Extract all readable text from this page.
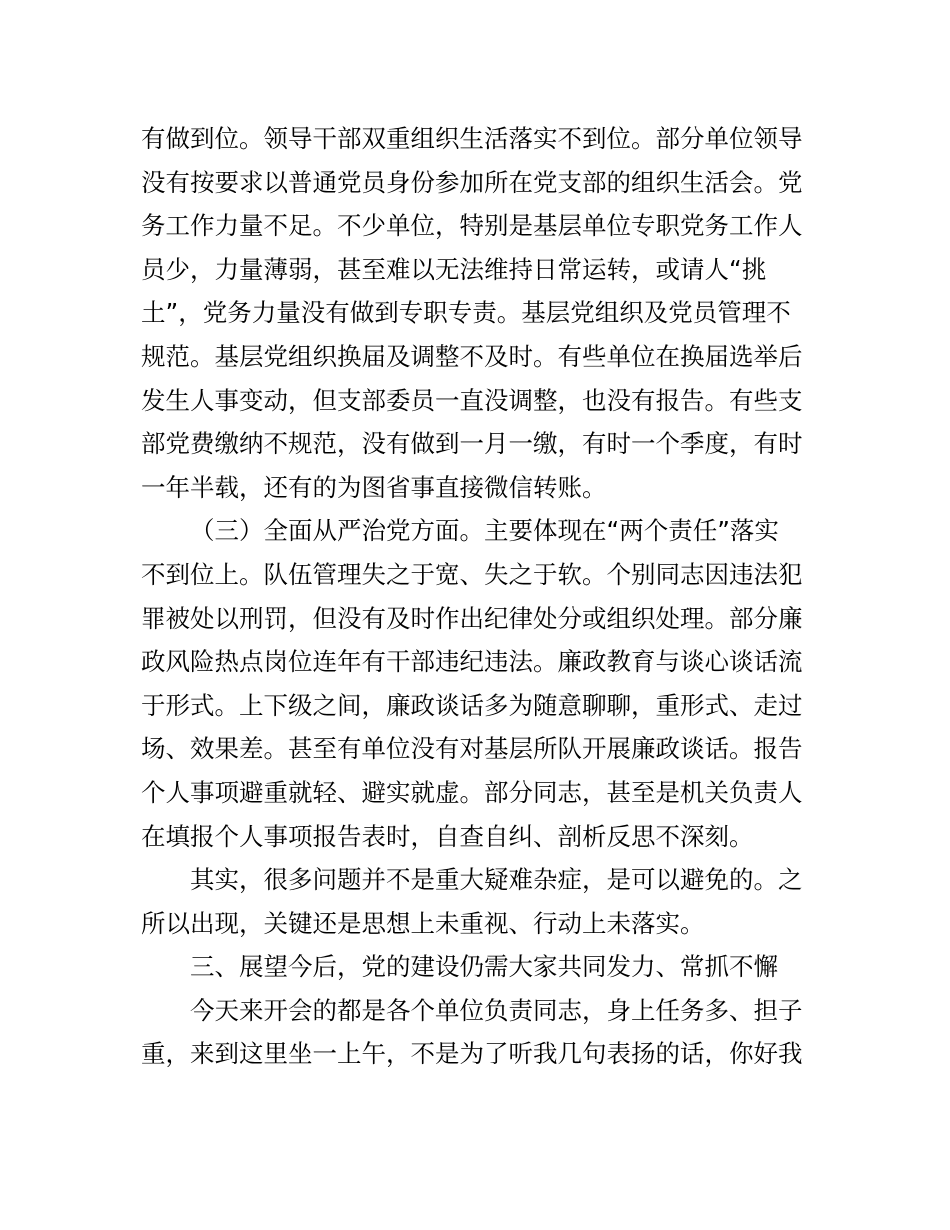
有做到位。领导干部双重组织生活落实不到位。部分单位领导
没有按要求以普通党员身份参加所在党支部的组织生活会。党
务工作力量不足。不少单位，特别是基层单位专职党务工作人
员少，力量薄弱，甚至难以无法维持日常运转，或请人“挑
土”，党务力量没有做到专职专责。基层党组织及党员管理不
规范。基层党组织换届及调整不及时。有些单位在换届选举后
发生人事变动，但支部委员一直没调整，也没有报告。有些支
部党费缴纳不规范，没有做到一月一缴，有时一个季度，有时
一年半载，还有的为图省事直接微信转账。
（三）全面从严治党方面。主要体现在“两个责任”落实
不到位上。队伍管理失之于宽、失之于软。个别同志因违法犯
罪被处以刑罚，但没有及时作出纪律处分或组织处理。部分廉
政风险热点岗位连年有干部违纪违法。廉政教育与谈心谈话流
于形式。上下级之间，廉政谈话多为随意聊聊，重形式、走过
场、效果差。甚至有单位没有对基层所队开展廉政谈话。报告
个人事项避重就轻、避实就虚。部分同志，甚至是机关负责人
在填报个人事项报告表时，自查自纠、剖析反思不深刻。
其实，很多问题并不是重大疑难杂症，是可以避免的。之
所以出现，关键还是思想上未重视、行动上未落实。
三、展望今后，党的建设仍需大家共同发力、常抓不懈
今天来开会的都是各个单位负责同志，身上任务多、担子
重，来到这里坐一上午，不是为了听我几句表扬的话，你好我
